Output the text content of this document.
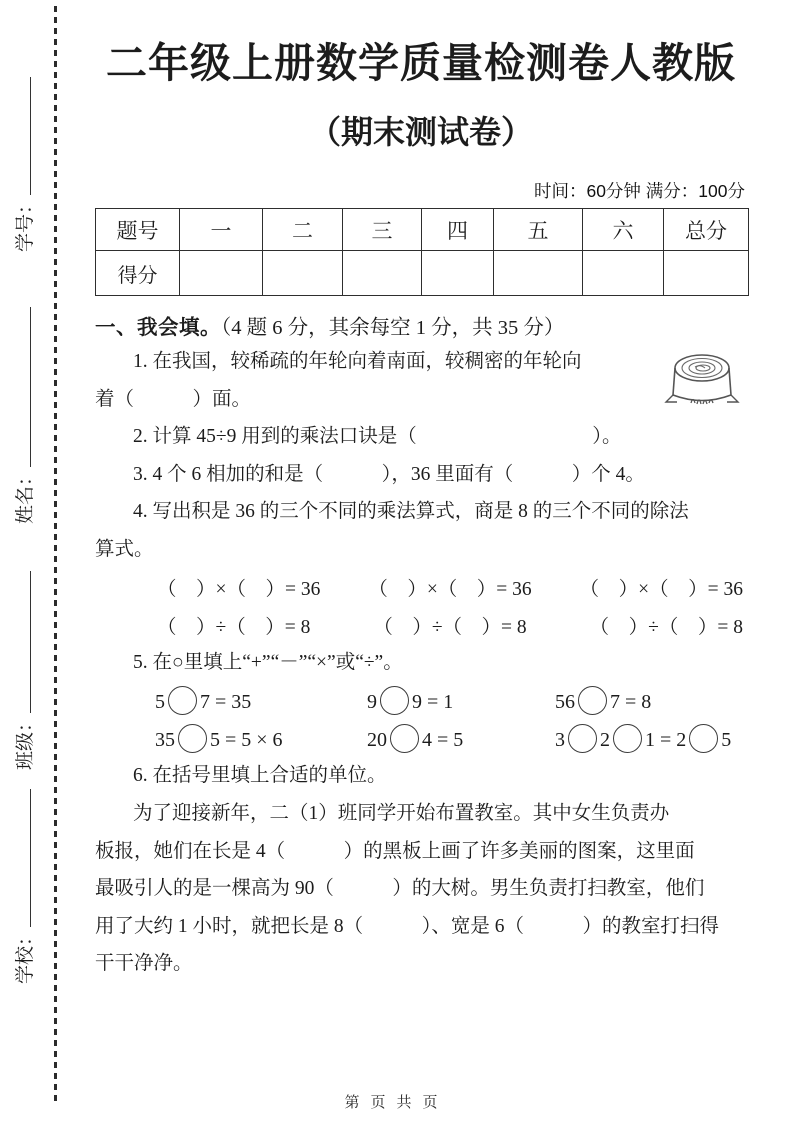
学号：
姓名：
班级：
学校：
二年级上册数学质量检测卷人教版
（期末测试卷）
时间：60分钟 满分：100分
题号	一	二	三	四	五	六	总分
得分							
一、我会填。（4 题 6 分，其余每空 1 分，共 35 分）
1. 在我国，较稀疏的年轮向着南面，较稠密的年轮向
着（　　　）面。
2. 计算 45÷9 用到的乘法口诀是（　　　　　　　　　）。
3. 4 个 6 相加的和是（　　　），36 里面有（　　　）个 4。
4. 写出积是 36 的三个不同的乘法算式，商是 8 的三个不同的除法
算式。
（　）×（　）= 36 （　）×（　）= 36 （　）×（　）= 36
（　）÷（　）= 8	（　）÷（　）= 8	（　）÷（　）= 8
5. 在○里填上“+”“－”“×”或“÷”。
5 7 = 35	9 9 = 1	56 7 = 8
35 5 = 5 × 6	20 4 = 5	3 2 1 = 2 5
6. 在括号里填上合适的单位。
为了迎接新年，二（1）班同学开始布置教室。其中女生负责办
板报，她们在长是 4（　　　）的黑板上画了许多美丽的图案，这里面
最吸引人的是一棵高为 90（　　　）的大树。男生负责打扫教室，他们
用了大约 1 小时，就把长是 8（　　　）、宽是 6（　　　）的教室打扫得
干干净净。
第页共页
